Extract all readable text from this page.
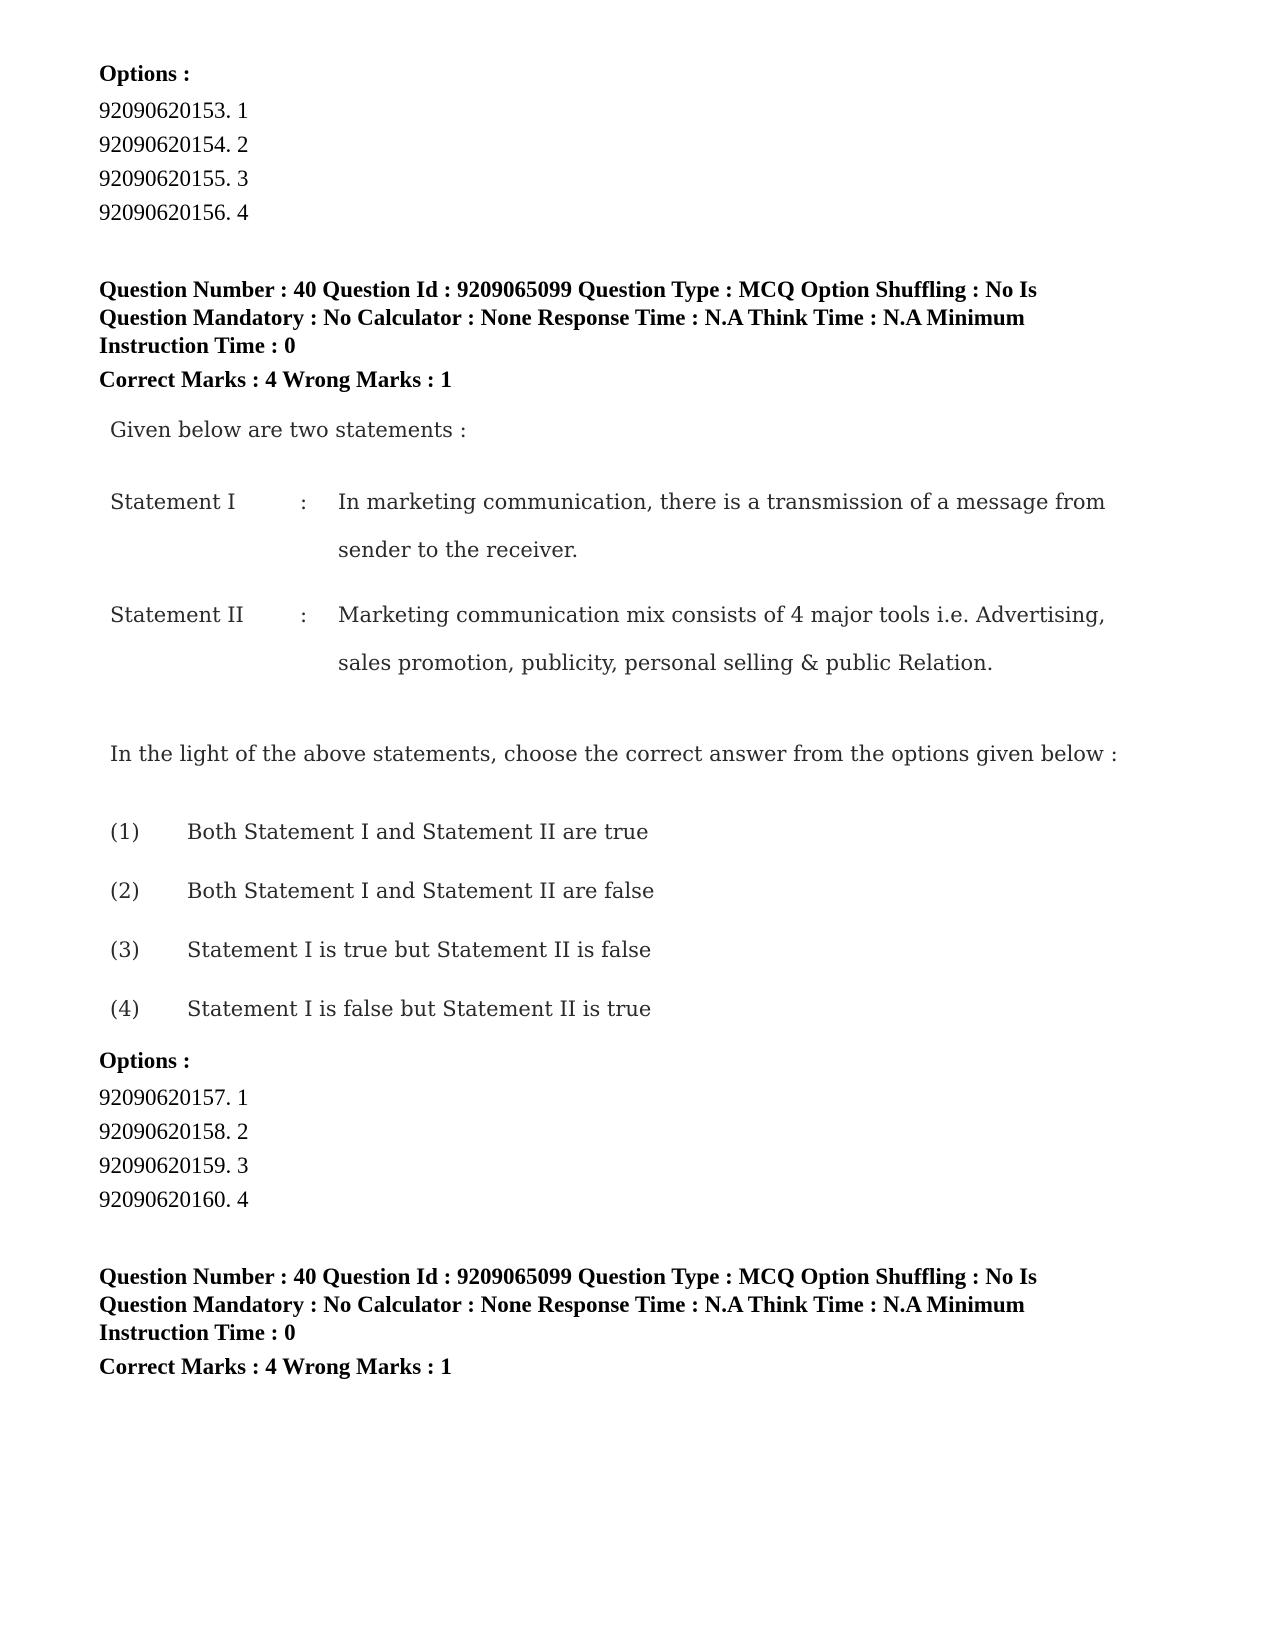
Options :
92090620153. 1
92090620154. 2
92090620155. 3
92090620156. 4
Question Number : 40 Question Id : 9209065099 Question Type : MCQ Option Shuffling : No Is
Question Mandatory : No Calculator : None Response Time : N.A Think Time : N.A Minimum
Instruction Time : 0
Correct Marks : 4 Wrong Marks : 1
Given below are two statements :
Statement I	: In marketing communication, there is a transmission of a message from sender to the receiver.
Statement II	: Marketing communication mix consists of 4 major tools i.e. Advertising, sales promotion, publicity, personal selling & public Relation.
In the light of the above statements, choose the correct answer from the options given below :
(1) Both Statement I and Statement II are true
(2) Both Statement I and Statement II are false
(3) Statement I is true but Statement II is false
(4) Statement I is false but Statement II is true
Options :
92090620157. 1
92090620158. 2
92090620159. 3
92090620160. 4
Question Number : 40 Question Id : 9209065099 Question Type : MCQ Option Shuffling : No Is
Question Mandatory : No Calculator : None Response Time : N.A Think Time : N.A Minimum
Instruction Time : 0
Correct Marks : 4 Wrong Marks : 1
